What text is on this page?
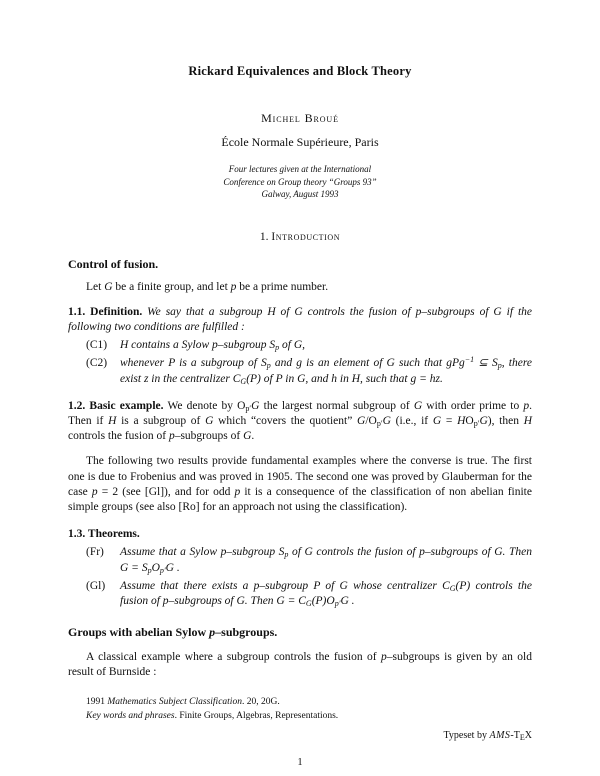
Rickard Equivalences and Block Theory
Michel Broué
École Normale Supérieure, Paris
Four lectures given at the International
Conference on Group theory “Groups 93”
Galway, August 1993
1. Introduction
Control of fusion.

Let G be a finite group, and let p be a prime number.

1.1. Definition. We say that a subgroup H of G controls the fusion of p–subgroups of G if the following two conditions are fulfilled :

(C1)	H contains a Sylow p–subgroup $S_p$ of G,
(C2)	whenever P is a subgroup of $S_p$ and g is an element of G such that gPg$^{-1}$ ⊆ $S_p$, there exist z in the centralizer $C_G(P)$ of P in G, and h in H, such that g = hz.

1.2. Basic example. We denote by $O_{p'}G$ the largest normal subgroup of G with order prime to p. Then if H is a subgroup of G which “covers the quotient” $G/O_{p'}G$ (i.e., if $G = HO_{p'}G$), then H controls the fusion of p–subgroups of G.

The following two results provide fundamental examples where the converse is true. The first one is due to Frobenius and was proved in 1905. The second one was proved by Glauberman for the case p = 2 (see [Gl]), and for odd p it is a consequence of the classification of non abelian finite simple groups (see also [Ro] for an approach not using the classification).

1.3. Theorems.

(Fr)	Assume that a Sylow p–subgroup $S_p$ of G controls the fusion of p–subgroups of G. Then $G = S_pO_{p'}G$ .
(Gl)	Assume that there exists a p–subgroup P of G whose centralizer $C_G(P)$ controls the fusion of p–subgroups of G. Then $G = C_G(P)O_{p'}G$ .
Groups with abelian Sylow p–subgroups.

A classical example where a subgroup controls the fusion of p–subgroups is given by an old result of Burnside :

1991 Mathematics Subject Classification. 20, 20G.
Key words and phrases. Finite Groups, Algebras, Representations.
Typeset by AMS-$T_EX$
1
